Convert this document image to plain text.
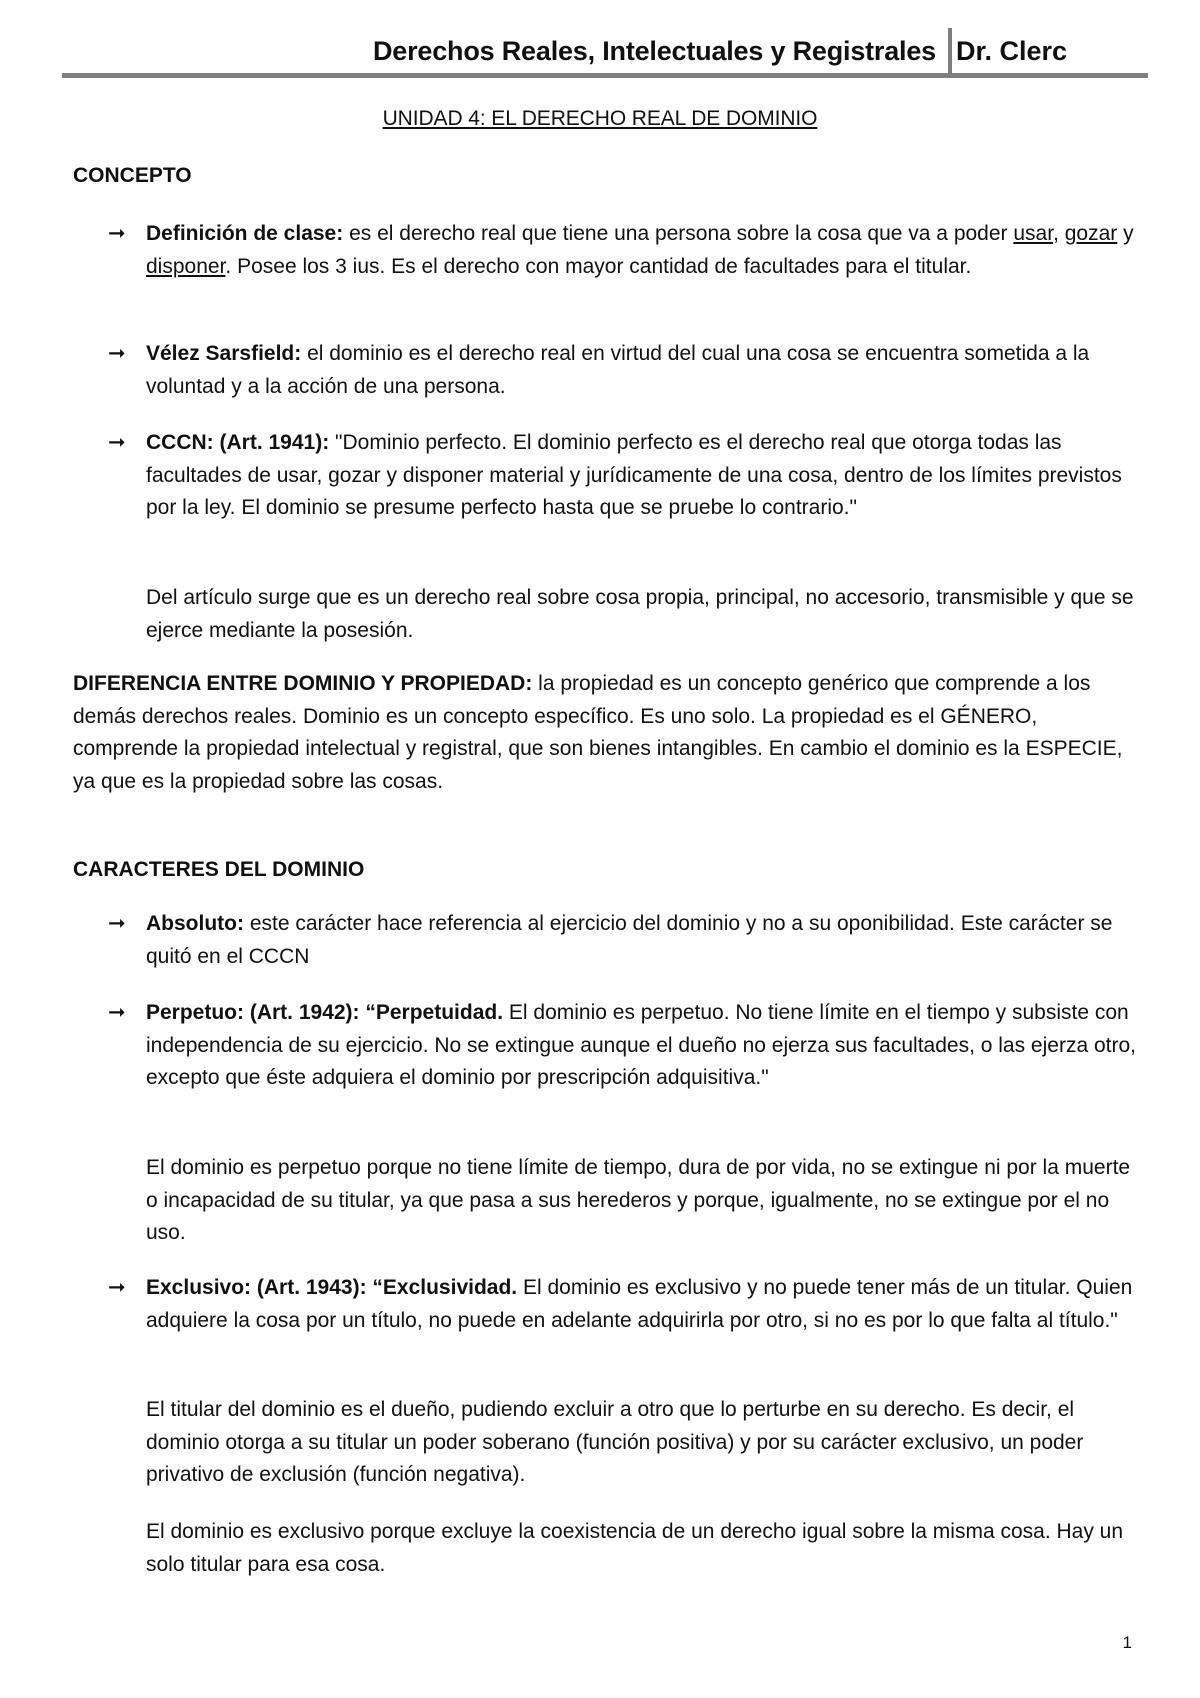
Derechos Reales, Intelectuales y Registrales Dr. Clerc
UNIDAD 4: EL DERECHO REAL DE DOMINIO
CONCEPTO
➞ Definición de clase: es el derecho real que tiene una persona sobre la cosa que va a poder usar, gozar y disponer. Posee los 3 ius. Es el derecho con mayor cantidad de facultades para el titular.
➞ Vélez Sarsfield: el dominio es el derecho real en virtud del cual una cosa se encuentra sometida a la voluntad y a la acción de una persona.
➞ CCCN: (Art. 1941): "Dominio perfecto. El dominio perfecto es el derecho real que otorga todas las facultades de usar, gozar y disponer material y jurídicamente de una cosa, dentro de los límites previstos por la ley. El dominio se presume perfecto hasta que se pruebe lo contrario."
Del artículo surge que es un derecho real sobre cosa propia, principal, no accesorio, transmisible y que se ejerce mediante la posesión.
DIFERENCIA ENTRE DOMINIO Y PROPIEDAD: la propiedad es un concepto genérico que comprende a los demás derechos reales. Dominio es un concepto específico. Es uno solo. La propiedad es el GÉNERO, comprende la propiedad intelectual y registral, que son bienes intangibles. En cambio el dominio es la ESPECIE, ya que es la propiedad sobre las cosas.
CARACTERES DEL DOMINIO
➞ Absoluto: este carácter hace referencia al ejercicio del dominio y no a su oponibilidad. Este carácter se quitó en el CCCN
➞ Perpetuo: (Art. 1942): “Perpetuidad. El dominio es perpetuo. No tiene límite en el tiempo y subsiste con independencia de su ejercicio. No se extingue aunque el dueño no ejerza sus facultades, o las ejerza otro, excepto que éste adquiera el dominio por prescripción adquisitiva."
El dominio es perpetuo porque no tiene límite de tiempo, dura de por vida, no se extingue ni por la muerte o incapacidad de su titular, ya que pasa a sus herederos y porque, igualmente, no se extingue por el no uso.
➞ Exclusivo: (Art. 1943): “Exclusividad. El dominio es exclusivo y no puede tener más de un titular. Quien adquiere la cosa por un título, no puede en adelante adquirirla por otro, si no es por lo que falta al título."
El titular del dominio es el dueño, pudiendo excluir a otro que lo perturbe en su derecho. Es decir, el dominio otorga a su titular un poder soberano (función positiva) y por su carácter exclusivo, un poder privativo de exclusión (función negativa).
El dominio es exclusivo porque excluye la coexistencia de un derecho igual sobre la misma cosa. Hay un solo titular para esa cosa.
1
